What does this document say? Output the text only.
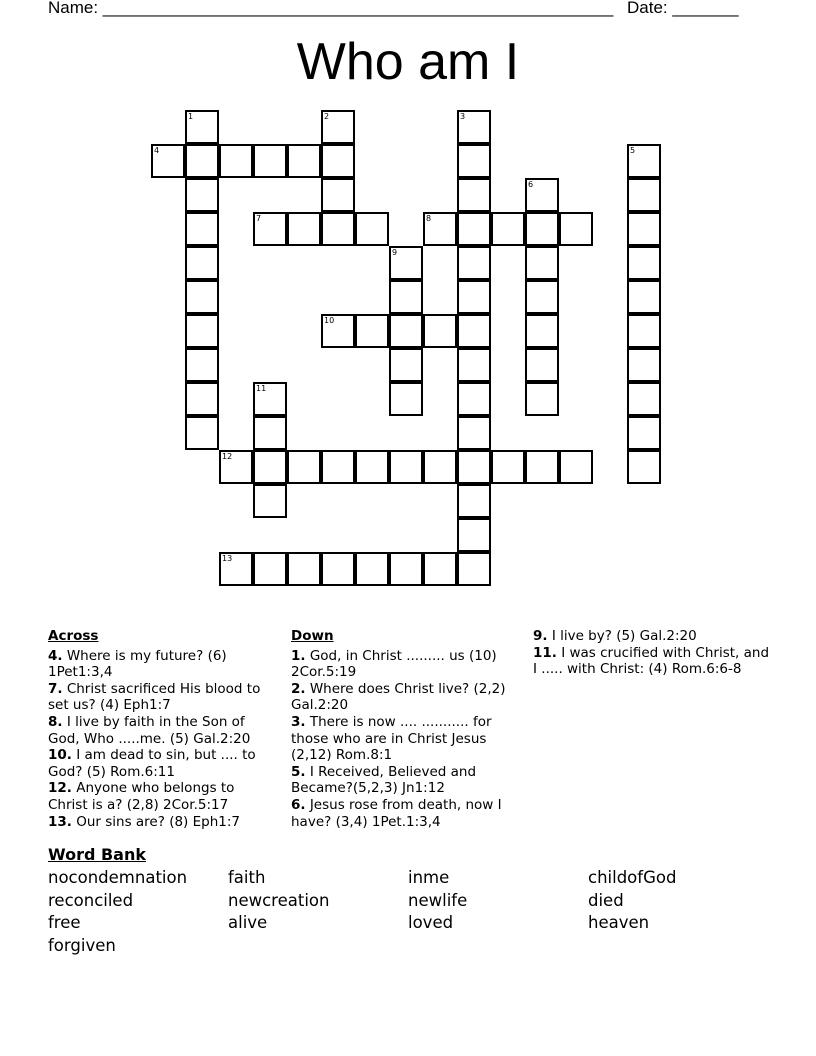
Name: ______________________________________________________ Date: _______
Who am I
1	2	3
4	5
6
7	8
9
10
11
12
13
Across
4. Where is my future? (6) 1Pet1:3,4
7. Christ sacrificed His blood to set us? (4) Eph1:7
8. I live by faith in the Son of God, Who .....me. (5) Gal.2:20
10. I am dead to sin, but .... to God? (5) Rom.6:11
12. Anyone who belongs to Christ is a? (2,8) 2Cor.5:17
13. Our sins are? (8) Eph1:7
Down
1. God, in Christ ......... us (10) 2Cor.5:19
2. Where does Christ live? (2,2) Gal.2:20
3. There is now .... ........... for those who are in Christ Jesus (2,12) Rom.8:1
5. I Received, Believed and Became?(5,2,3) Jn1:12
6. Jesus rose from death, now I have? (3,4) 1Pet.1:3,4
9. I live by? (5) Gal.2:20
11. I was crucified with Christ, and I ..... with Christ: (4) Rom.6:6-8
Word Bank
nocondemnation	faith	inme	childofGod
reconciled	newcreation	newlife	died
free	alive	loved	heaven
forgiven
